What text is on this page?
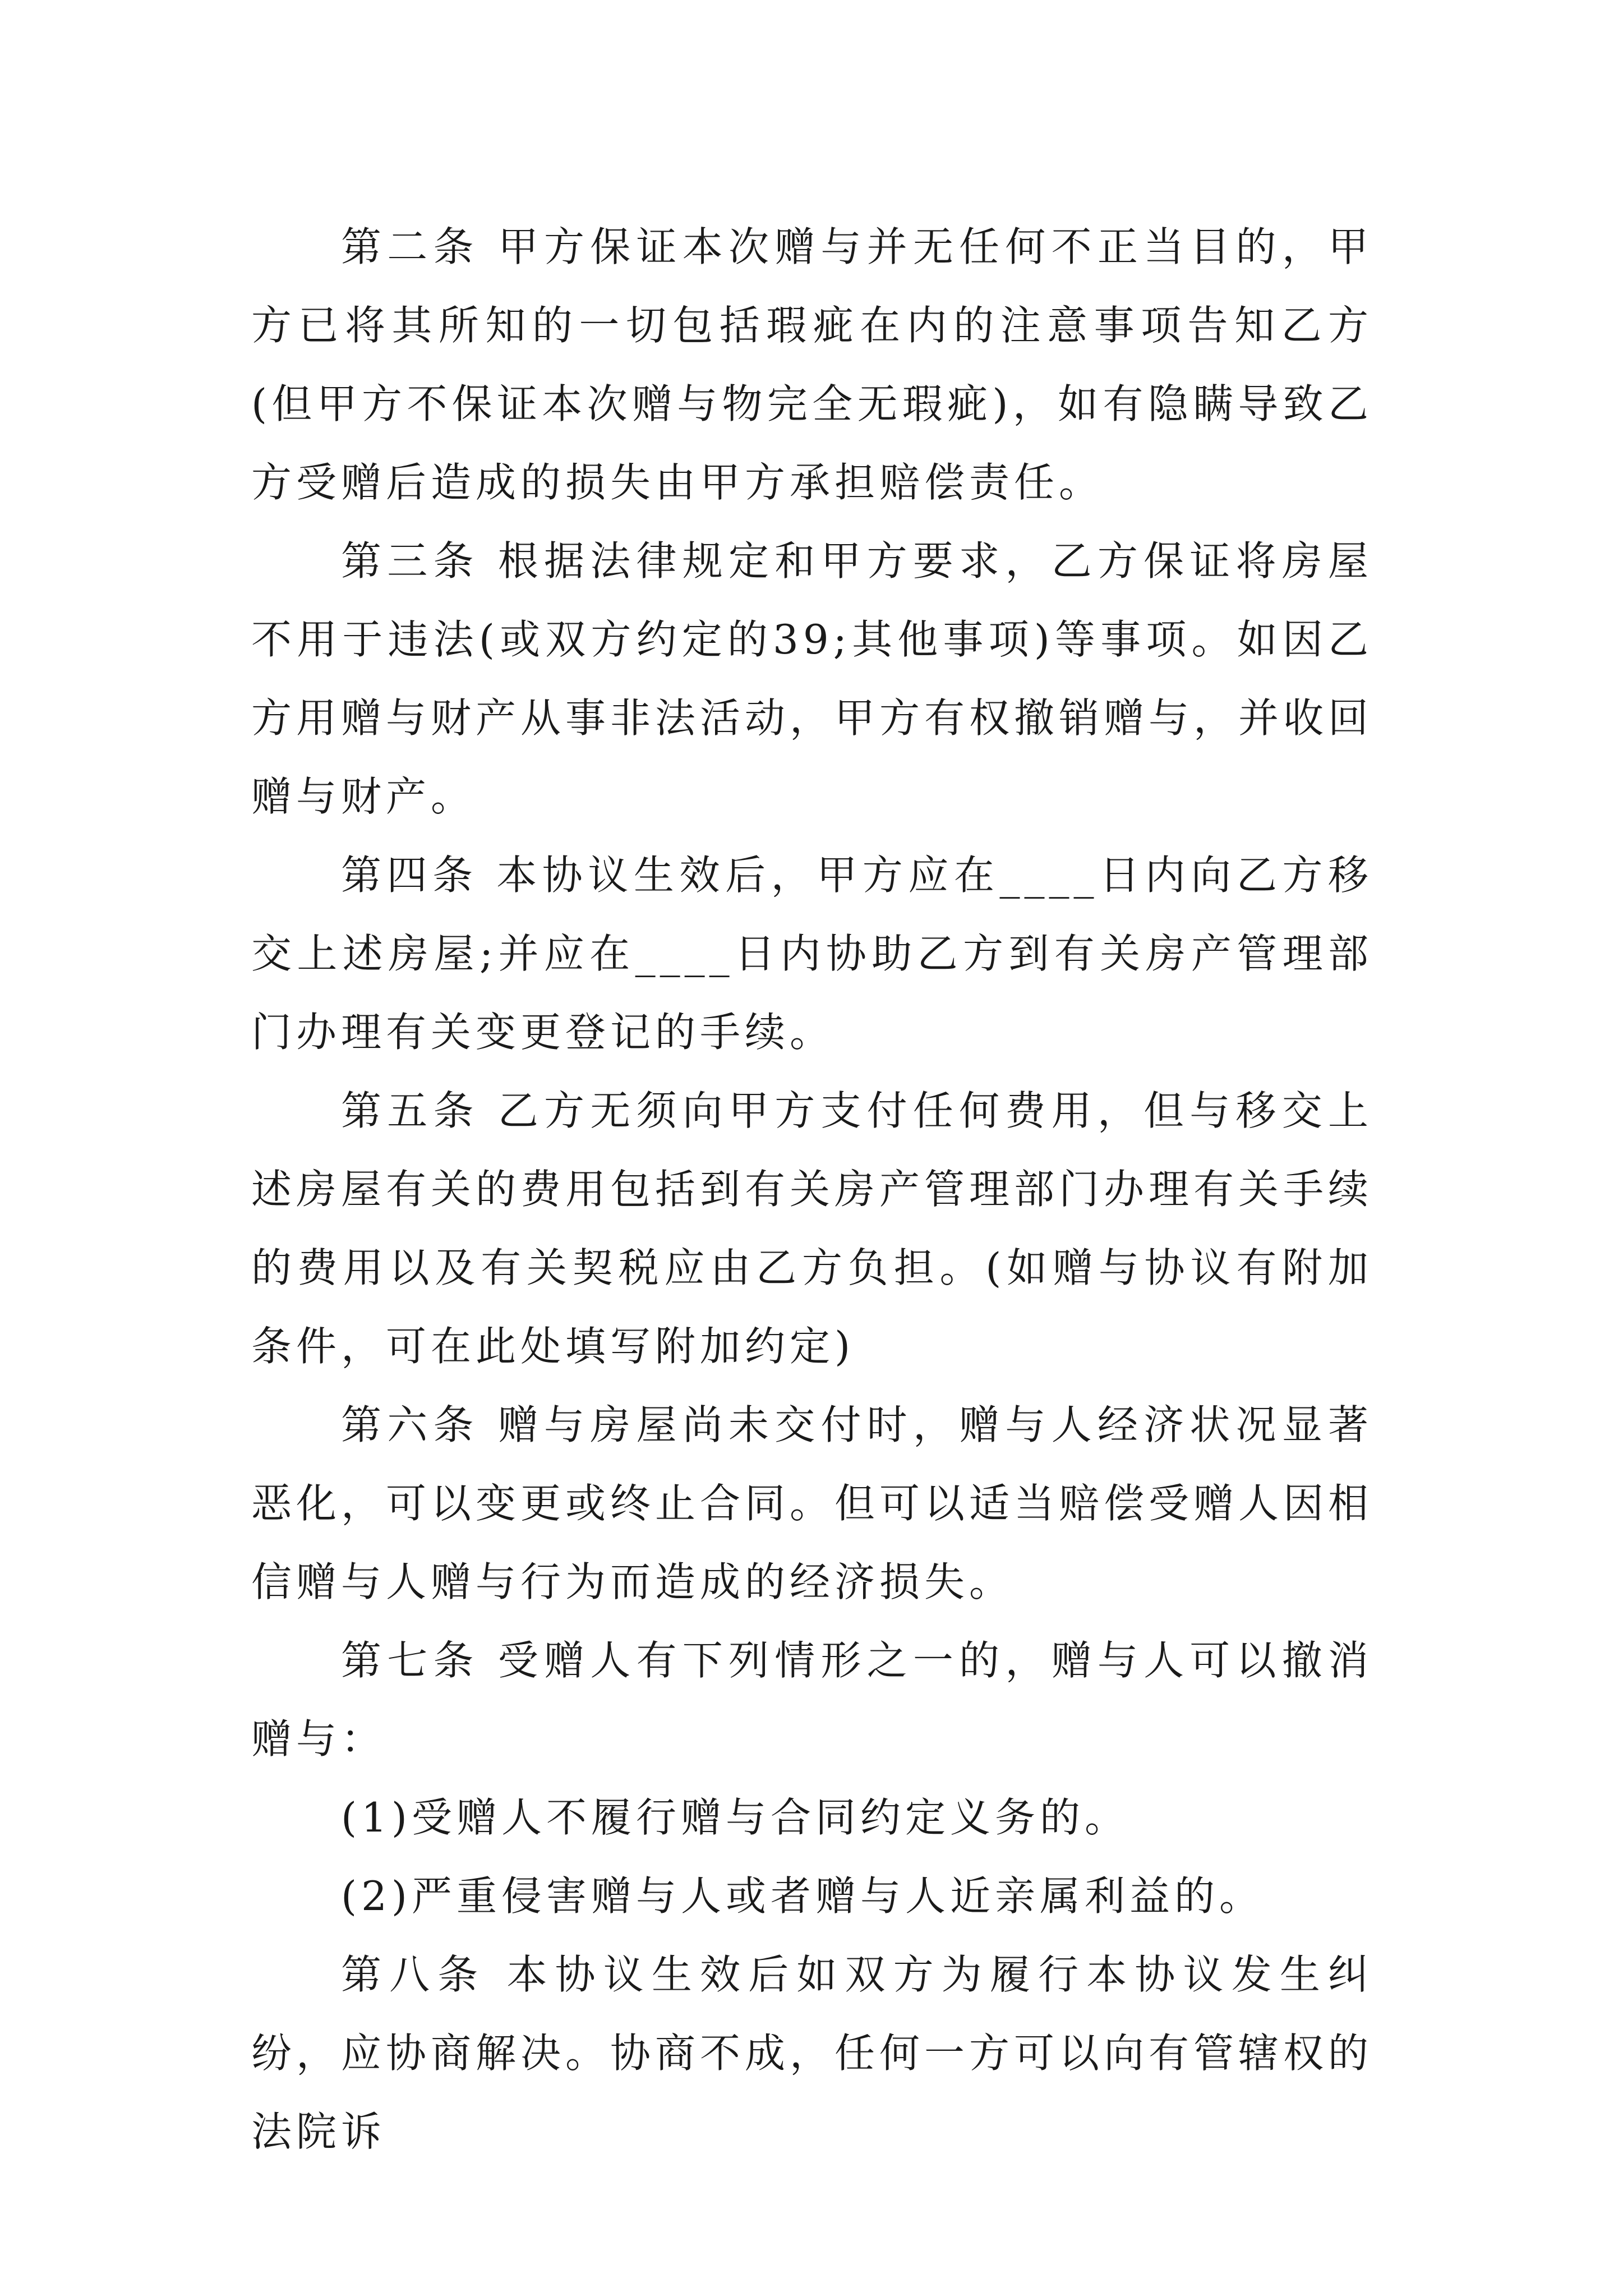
第二条 甲方保证本次赠与并无任何不正当目的，甲方已将其所知的一切包括瑕疵在内的注意事项告知乙方(但甲方不保证本次赠与物完全无瑕疵)，如有隐瞒导致乙方受赠后造成的损失由甲方承担赔偿责任。

第三条 根据法律规定和甲方要求，乙方保证将房屋不用于违法(或双方约定的39;其他事项)等事项。如因乙方用赠与财产从事非法活动，甲方有权撤销赠与，并收回赠与财产。

第四条 本协议生效后，甲方应在____日内向乙方移交上述房屋;并应在____日内协助乙方到有关房产管理部门办理有关变更登记的手续。

第五条 乙方无须向甲方支付任何费用，但与移交上述房屋有关的费用包括到有关房产管理部门办理有关手续的费用以及有关契税应由乙方负担。(如赠与协议有附加条件，可在此处填写附加约定)

第六条 赠与房屋尚未交付时，赠与人经济状况显著恶化，可以变更或终止合同。但可以适当赔偿受赠人因相信赠与人赠与行为而造成的经济损失。

第七条 受赠人有下列情形之一的，赠与人可以撤消赠与：

(1)受赠人不履行赠与合同约定义务的。

(2)严重侵害赠与人或者赠与人近亲属利益的。

第八条 本协议生效后如双方为履行本协议发生纠纷，应协商解决。协商不成，任何一方可以向有管辖权的法院诉
